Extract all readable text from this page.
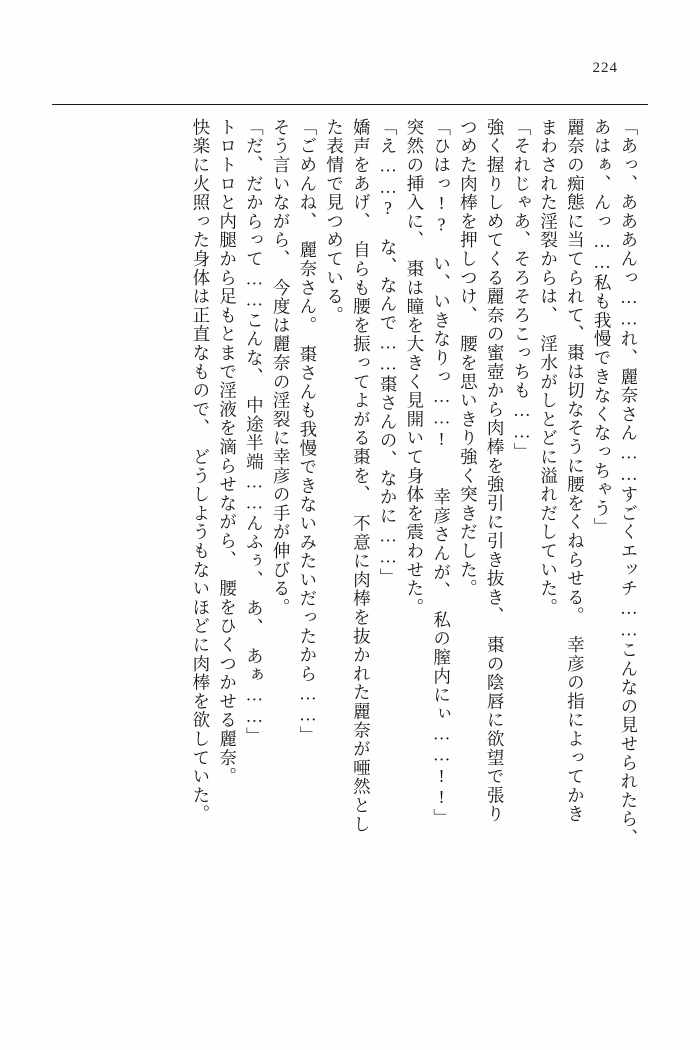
224
「あっ、あああんっ……れ、麗奈さん……すごくエッチ……こんなの見せられたら、
あはぁ、んっ……私も我慢できなくなっちゃう」
麗奈の痴態に当てられて、棗は切なそうに腰をくねらせる。　幸彦の指によってかき
まわされた淫裂からは、　淫水がしとどに溢れだしていた。
「それじゃあ、そろそろこっちも……」
強く握りしめてくる麗奈の蜜壺から肉棒を強引に引き抜き、　棗の陰唇に欲望で張り
つめた肉棒を押しつけ、　腰を思いきり強く突きだした。
「ひはっ!?　い、いきなりっ……!　　幸彦さんが、　私の膣内にぃ……!!」
突然の挿入に、　棗は瞳を大きく見開いて身体を震わせた。
「え……?　な、なんで……棗さんの、なかに……」
嬌声をあげ、　自らも腰を振ってよがる棗を、　不意に肉棒を抜かれた麗奈が唖然とし
た表情で見つめている。
「ごめんね、　麗奈さん。　棗さんも我慢できないみたいだったから……」
そう言いながら、　今度は麗奈の淫裂に幸彦の手が伸びる。
「だ、だからって……こんな、　中途半端……んふぅ、　あ、　あぁ……」
トロトロと内腿から足もとまで淫液を滴らせながら、　腰をひくつかせる麗奈。
快楽に火照った身体は正直なもので、　どうしようもないほどに肉棒を欲していた。
